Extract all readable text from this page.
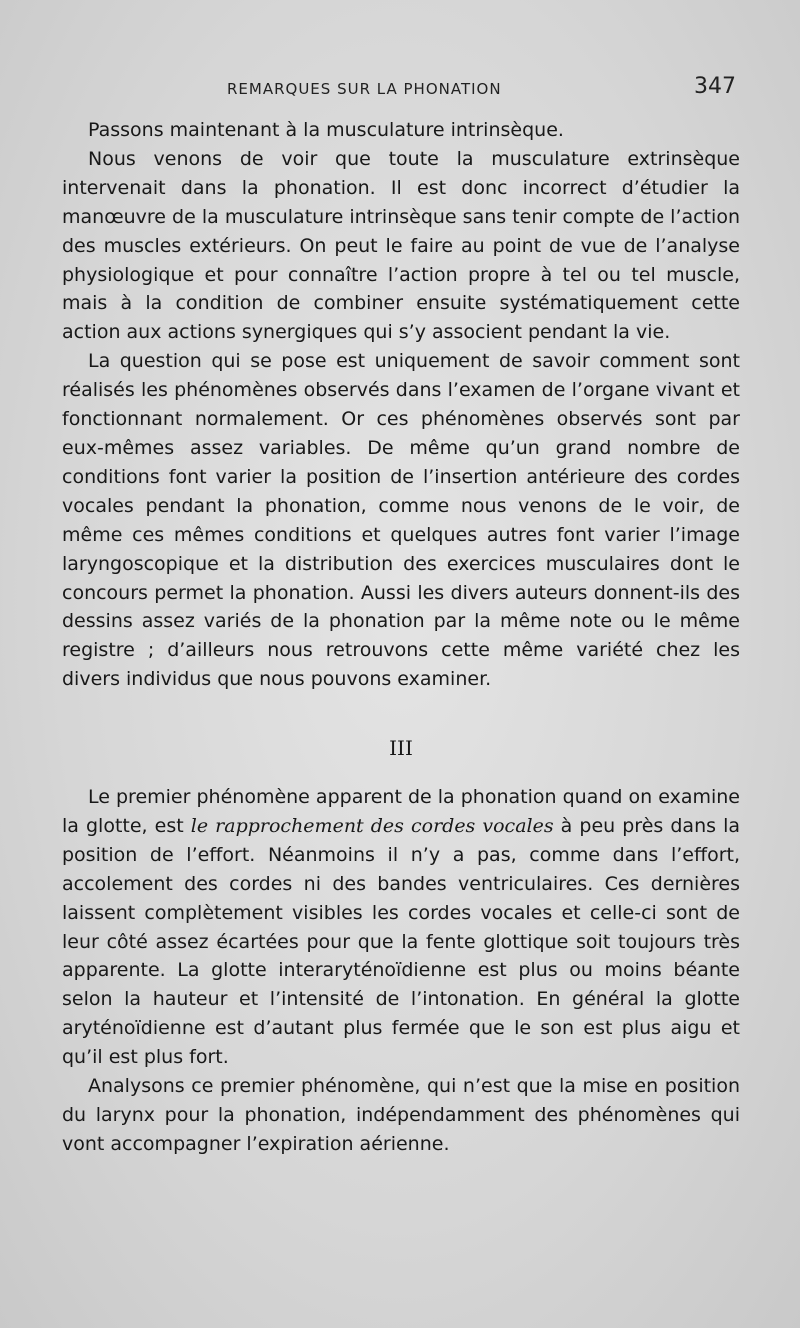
REMARQUES SUR LA PHONATION	347

Passons maintenant à la musculature intrinsèque.

Nous venons de voir que toute la musculature extrinsèque intervenait dans la phonation. Il est donc incorrect d’étudier la manœuvre de la musculature intrinsèque sans tenir compte de l’action des muscles extérieurs. On peut le faire au point de vue de l’analyse physiologique et pour connaître l’action propre à tel ou tel muscle, mais à la condition de combiner ensuite systématiquement cette action aux actions synergiques qui s’y associent pendant la vie.

La question qui se pose est uniquement de savoir comment sont réalisés les phénomènes observés dans l’examen de l’organe vivant et fonctionnant normalement. Or ces phénomènes observés sont par eux-mêmes assez variables. De même qu’un grand nombre de conditions font varier la position de l’insertion antérieure des cordes vocales pendant la phonation, comme nous venons de le voir, de même ces mêmes conditions et quelques autres font varier l’image laryngoscopique et la distribution des exercices musculaires dont le concours permet la phonation. Aussi les divers auteurs donnent-ils des dessins assez variés de la phonation par la même note ou le même registre ; d’ailleurs nous retrouvons cette même variété chez les divers individus que nous pouvons examiner.

III

Le premier phénomène apparent de la phonation quand on examine la glotte, est le rapprochement des cordes vocales à peu près dans la position de l’effort. Néanmoins il n’y a pas, comme dans l’effort, accolement des cordes ni des bandes ventriculaires. Ces dernières laissent complètement visibles les cordes vocales et celle-ci sont de leur côté assez écartées pour que la fente glottique soit toujours très apparente. La glotte interaryténoïdienne est plus ou moins béante selon la hauteur et l’intensité de l’intonation. En général la glotte aryténoïdienne est d’autant plus fermée que le son est plus aigu et qu’il est plus fort.

Analysons ce premier phénomène, qui n’est que la mise en position du larynx pour la phonation, indépendamment des phénomènes qui vont accompagner l’expiration aérienne.
